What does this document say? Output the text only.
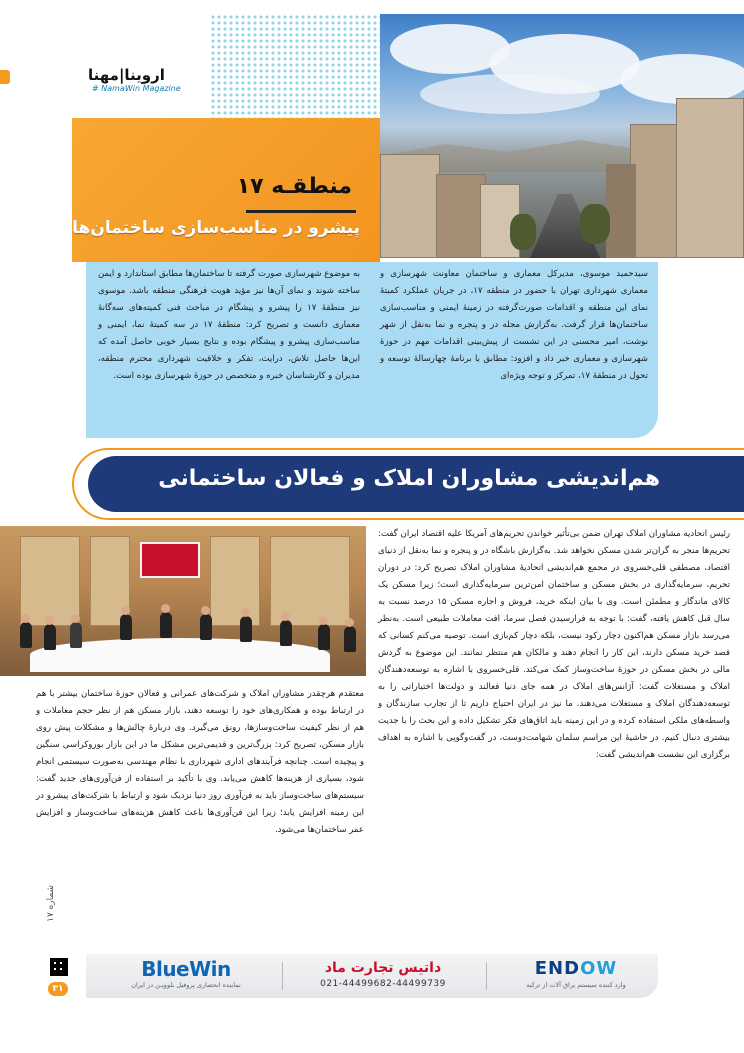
اروینا|مهنا
# NamaWin Magazine
منطقـه ۱۷
پیشرو در مناسب‌سازی ساختمان‌ها

سیدحمید موسوی، مدیرکل معماری و ساختمان معاونت شهرسازی و معماری شهرداری تهران با حضور در منطقه ۱۷، در جریان عملکرد کمیتهٔ نمای این منطقه و اقدامات صورت‌گرفته در زمینهٔ ایمنی و مناسب‌سازی ساختمان‌ها قرار گرفت. به‌گزارش مجله در و پنجره و نما به‌نقل از شهر نوشت، امیر محسنی در این نشست از پیش‌بینی اقدامات مهم در حوزهٔ شهرسازی و معماری خبر داد و افزود: مطابق با برنامهٔ چهارسالهٔ توسعه و تحول در منطقهٔ ۱۷، تمرکز و توجه ویژه‌ای

به موضوع شهرسازی صورت گرفته تا ساختمان‌ها مطابق استاندارد و ایمن ساخته شوند و نمای آن‌ها نیز مؤید هویت فرهنگی منطقه باشد. موسوی نیز منطقهٔ ۱۷ را پیشرو و پیشگام در مباحث فنی کمیته‌های سه‌گانهٔ معماری دانست و تصریح کرد: منطقهٔ ۱۷ در سه کمیتهٔ نما، ایمنی و مناسب‌سازی پیشرو و پیشگام بوده و نتایج بسیار خوبی حاصل آمده که این‌ها حاصل تلاش، درایت، تفکر و خلاقیت شهرداری محترم منطقه، مدیران و کارشناسان خبره و متخصص در حوزهٔ شهرسازی بوده است.

هم‌اندیشی مشاوران املاک و فعالان ساختمانی

رئیس اتحادیه مشاوران املاک تهران ضمن بی‌تأثیر خواندن تحریم‌های آمریکا علیه اقتصاد ایران گفت: تحریم‌ها منجر به گران‌تر شدن مسکن نخواهد شد. به‌گزارش باشگاه در و پنجره و نما به‌نقل از دنیای اقتصاد، مصطفی قلی‌خسروی در مجمع هم‌اندیشی اتحادیهٔ مشاوران املاک تصریح کرد: در دوران تحریم، سرمایه‌گذاری در بخش مسکن و ساختمان امن‌ترین سرمایه‌گذاری است؛ زیرا مسکن یک کالای ماندگار و مطمئن است. وی با بیان اینکه خرید، فروش و اجاره مسکن ۱۵ درصد نسبت به سال قبل کاهش یافته، گفت: با توجه به فرارسیدن فصل سرما، افت معاملات طبیعی است. به‌نظر می‌رسد بازار مسکن هم‌اکنون دچار رکود نیست، بلکه دچار کم‌بازی است. توصیه می‌کنم کسانی که قصد خرید مسکن دارند، این کار را انجام دهند و مالکان هم منتظر نمانند. این موضوع به گردش مالی در بخش مسکن در حوزهٔ ساخت‌وساز کمک می‌کند. قلی‌خسروی با اشاره به توسعه‌دهندگان املاک و مستغلات گفت: آژانس‌های املاک در همه جای دنیا فعالند و دولت‌ها اختیاراتی را به توسعه‌دهندگان املاک و مستغلات می‌دهند. ما نیز در ایران احتیاج داریم تا از تجارب سازندگان و واسطه‌های ملکی استفاده کرده و در این زمینه باید اتاق‌های فکر تشکیل داده و این بحث را با جدیت بیشتری دنبال کنیم. در حاشیهٔ این مراسم سلمان شهامت‌دوست، در گفت‌وگویی با اشاره به اهداف برگزاری این نشست هم‌اندیشی گفت:

معتقدم هرچقدر مشاوران املاک و شرکت‌های عمرانی و فعالان حوزهٔ ساختمان بیشتر با هم در ارتباط بوده و همکاری‌های خود را توسعه دهند، بازار مسکن هم از نظر حجم معاملات و هم از نظر کیفیت ساخت‌وسازها، رونق می‌گیرد. وی دربارهٔ چالش‌ها و مشکلات پیش روی بازار مسکن، تصریح کرد: بزرگ‌ترین و قدیمی‌ترین مشکل ما در این بازار بوروکراسی سنگین و پیچیده است. چنانچه فرآیندهای اداری شهرداری با نظام مهندسی به‌صورت سیستمی انجام شود، بسیاری از هزینه‌ها کاهش می‌یابد. وی با تأکید بر استفاده از فن‌آوری‌های جدید گفت: سیستم‌های ساخت‌وساز باید به فن‌آوری روز دنیا نزدیک شود و ارتباط با شرکت‌های پیشرو در این زمینه افزایش یابد؛ زیرا این فن‌آوری‌ها باعث کاهش هزینه‌های ساخت‌وساز و افزایش عمر ساختمان‌ها می‌شود.

شماره ۱۷
۳۱
BlueWin
نماینده انحصاری پروفیل بلوویـن در ایران
داتیس تجارت ماد
021-44499682-44499739
ENDOW
وارد کننده سیستم یراق آلات از ترکیه
